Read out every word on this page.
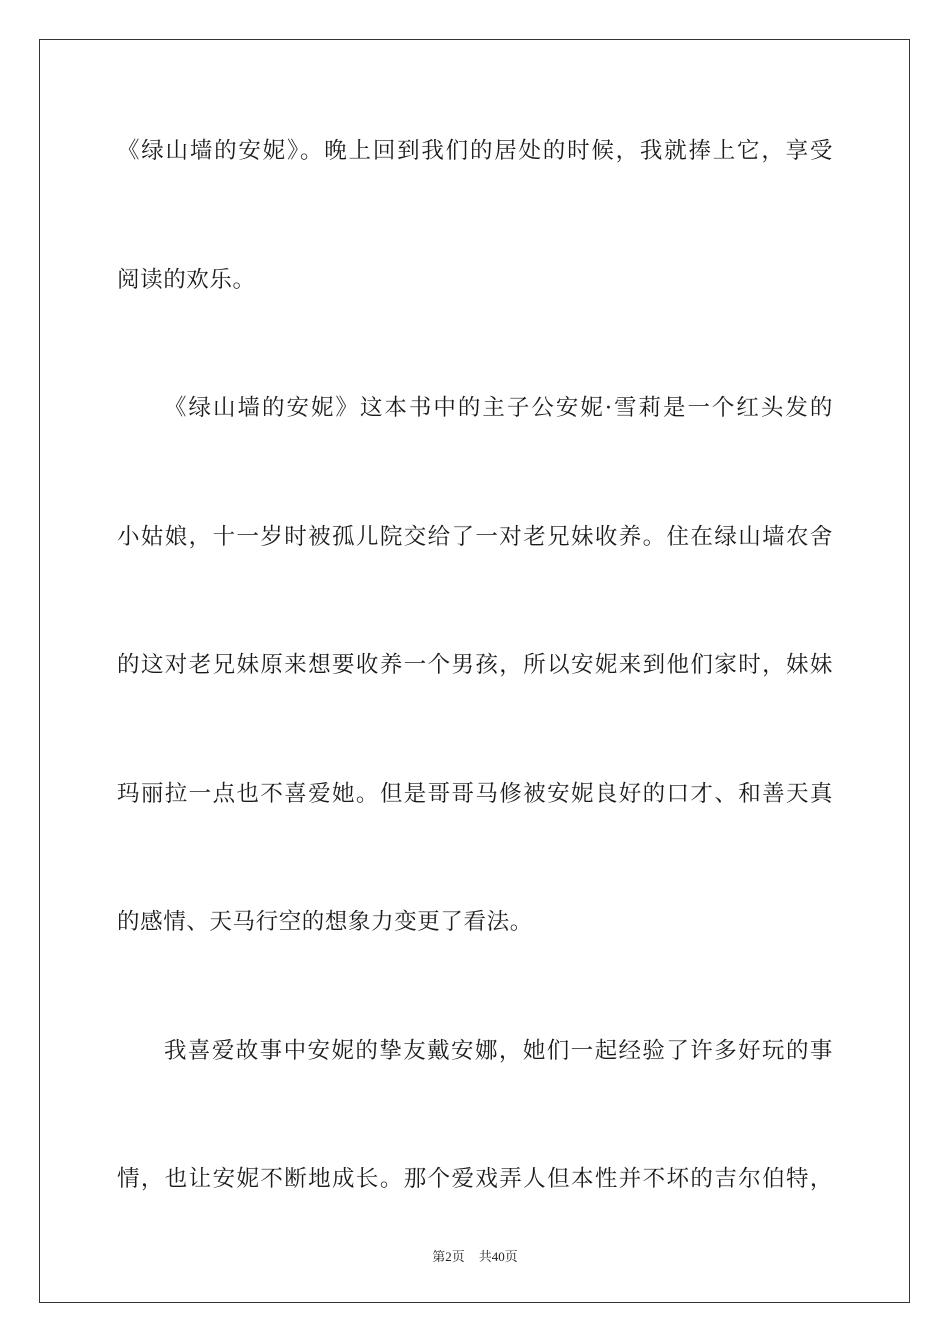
《绿山墙的安妮》。晚上回到我们的居处的时候，我就捧上它，享受
阅读的欢乐。
《绿山墙的安妮》这本书中的主子公安妮·雪莉是一个红头发的
小姑娘，十一岁时被孤儿院交给了一对老兄妹收养。住在绿山墙农舍
的这对老兄妹原来想要收养一个男孩，所以安妮来到他们家时，妹妹
玛丽拉一点也不喜爱她。但是哥哥马修被安妮良好的口才、和善天真
的感情、天马行空的想象力变更了看法。
我喜爱故事中安妮的挚友戴安娜，她们一起经验了许多好玩的事
情，也让安妮不断地成长。那个爱戏弄人但本性并不坏的吉尔伯特，
第2页 共40页
